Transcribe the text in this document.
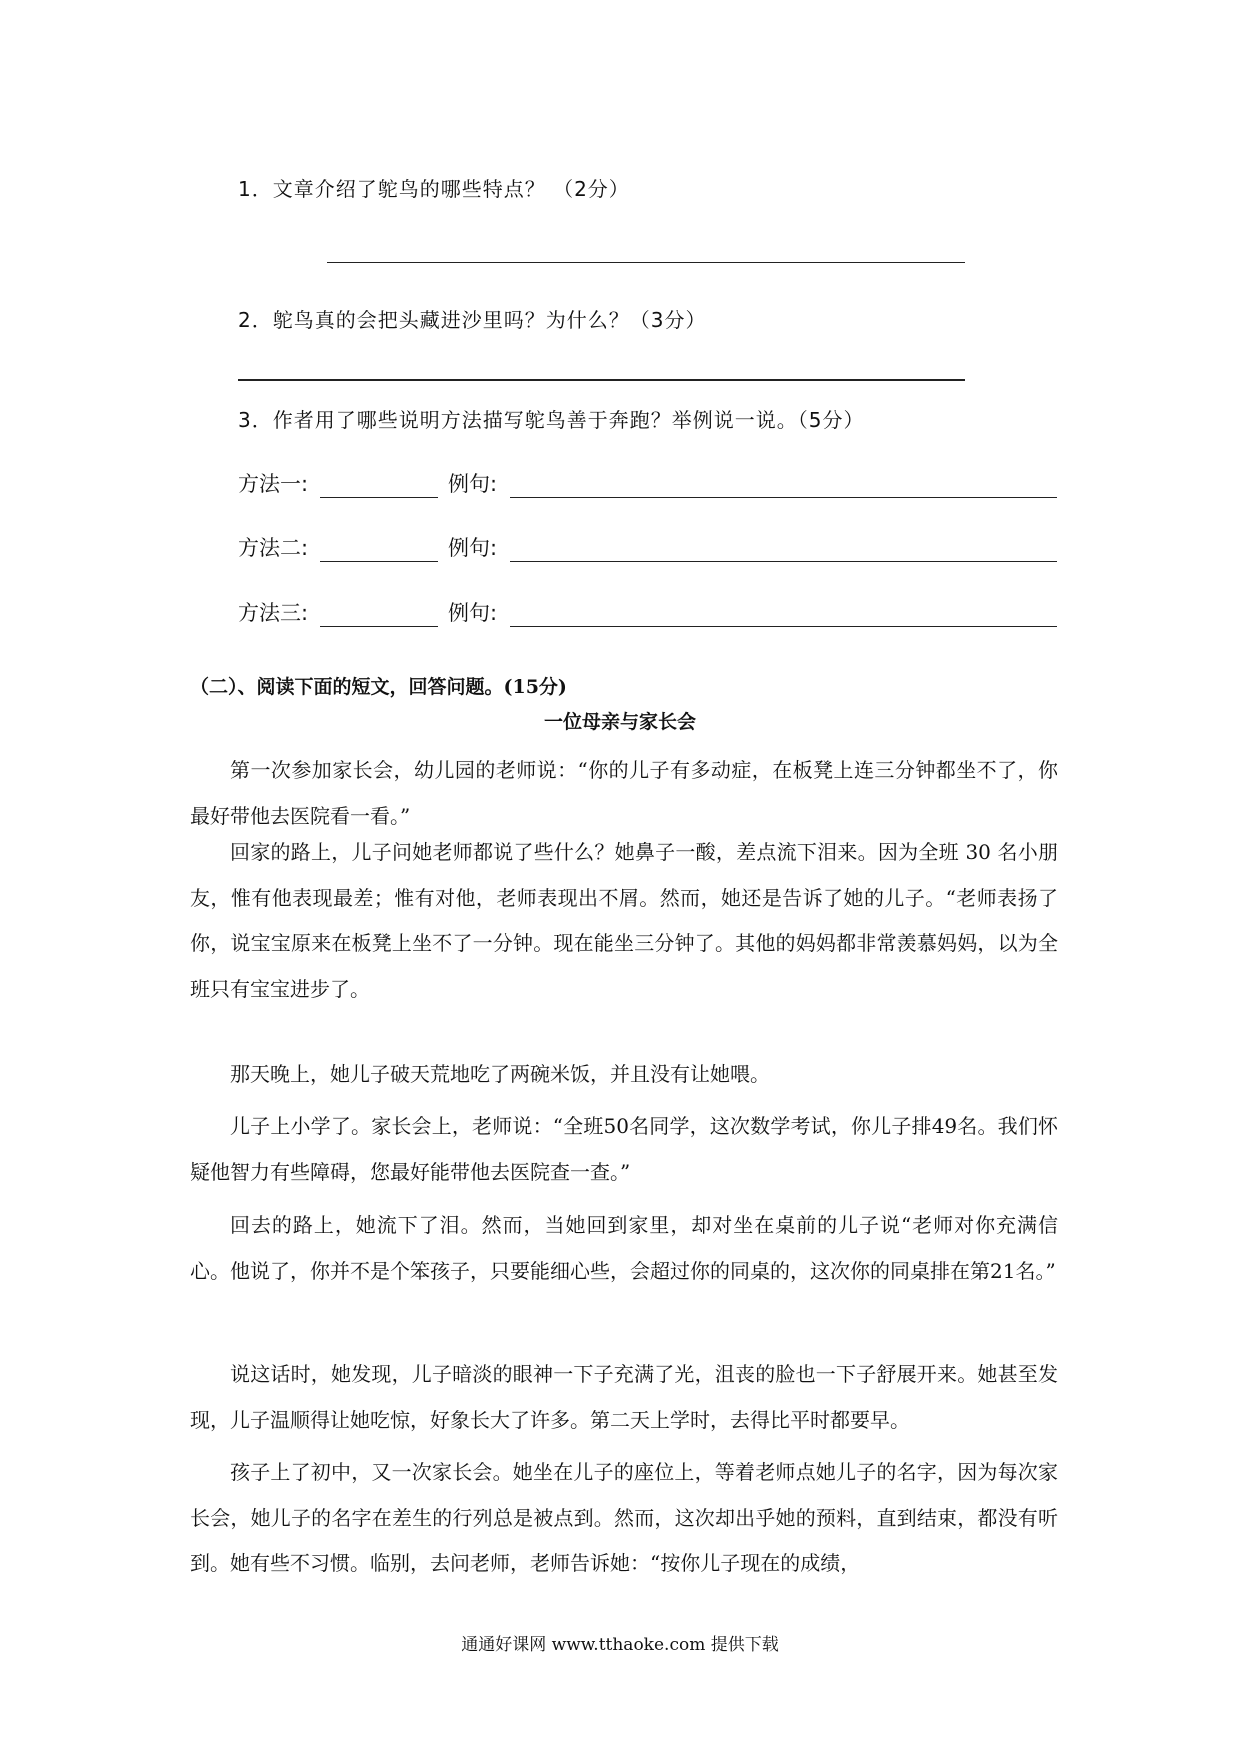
1．文章介绍了鸵鸟的哪些特点？ （2分）
2．鸵鸟真的会把头藏进沙里吗？为什么？（3分）
3．作者用了哪些说明方法描写鸵鸟善于奔跑？举例说一说。（5分）
方法一:	例句:
方法二:	例句:
方法三:	例句:
（二）、阅读下面的短文，回答问题。(15分)
一位母亲与家长会
第一次参加家长会，幼儿园的老师说：“你的儿子有多动症，在板凳上连三分钟都坐不了，你最好带他去医院看一看。”
回家的路上，儿子问她老师都说了些什么？她鼻子一酸，差点流下泪来。因为全班 30 名小朋友，惟有他表现最差；惟有对他，老师表现出不屑。然而，她还是告诉了她的儿子。“老师表扬了你，说宝宝原来在板凳上坐不了一分钟。现在能坐三分钟了。其他的妈妈都非常羡慕妈妈，以为全班只有宝宝进步了。
那天晚上，她儿子破天荒地吃了两碗米饭，并且没有让她喂。
儿子上小学了。家长会上，老师说：“全班50名同学，这次数学考试，你儿子排49名。我们怀疑他智力有些障碍，您最好能带他去医院查一查。”
回去的路上，她流下了泪。然而，当她回到家里，却对坐在桌前的儿子说“老师对你充满信心。他说了，你并不是个笨孩子，只要能细心些，会超过你的同桌的，这次你的同桌排在第21名。”
说这话时，她发现，儿子暗淡的眼神一下子充满了光，沮丧的脸也一下子舒展开来。她甚至发现，儿子温顺得让她吃惊，好象长大了许多。第二天上学时，去得比平时都要早。
孩子上了初中，又一次家长会。她坐在儿子的座位上，等着老师点她儿子的名字，因为每次家长会，她儿子的名字在差生的行列总是被点到。然而，这次却出乎她的预料，直到结束，都没有听到。她有些不习惯。临别，去问老师，老师告诉她：“按你儿子现在的成绩，
通通好课网 www.tthaoke.com 提供下载
